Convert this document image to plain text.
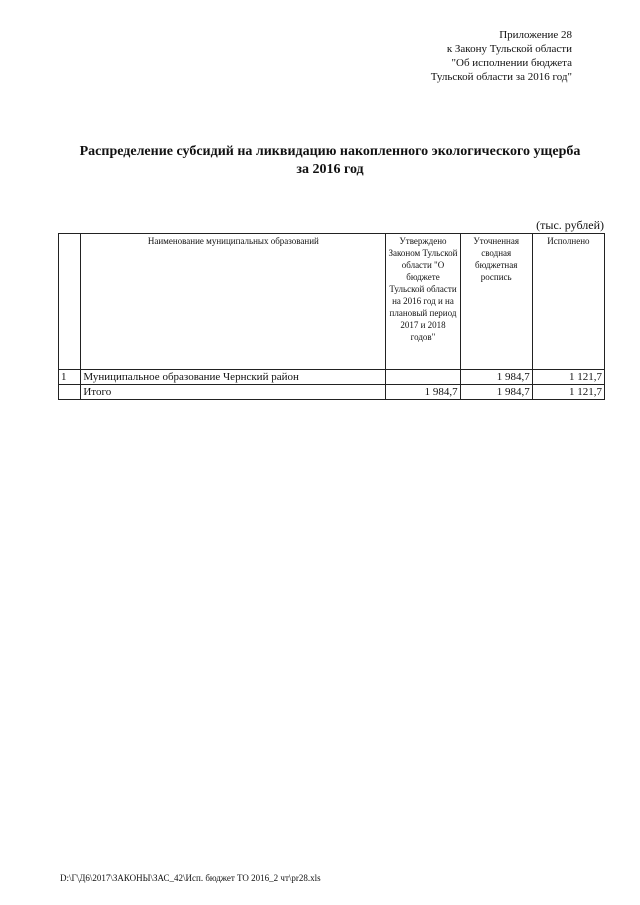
Приложение 28
к Закону Тульской области
"Об исполнении бюджета
Тульской области за 2016 год"
Распределение субсидий на ликвидацию накопленного экологического ущерба
за 2016 год
(тыс. рублей)
	Наименование муниципальных образований	Утверждено Законом Тульской области "О бюджете Тульской области на 2016 год и на плановый период 2017 и 2018 годов"	Уточненная сводная бюджетная роспись	Исполнено
1	Муниципальное образование Чернский район		1 984,7	1 121,7
	Итого	1 984,7	1 984,7	1 121,7
D:\Г\Д6\2017\ЗАКОНЫ\ЗАС_42\Исп. бюджет ТО 2016_2 чт\pr28.xls
